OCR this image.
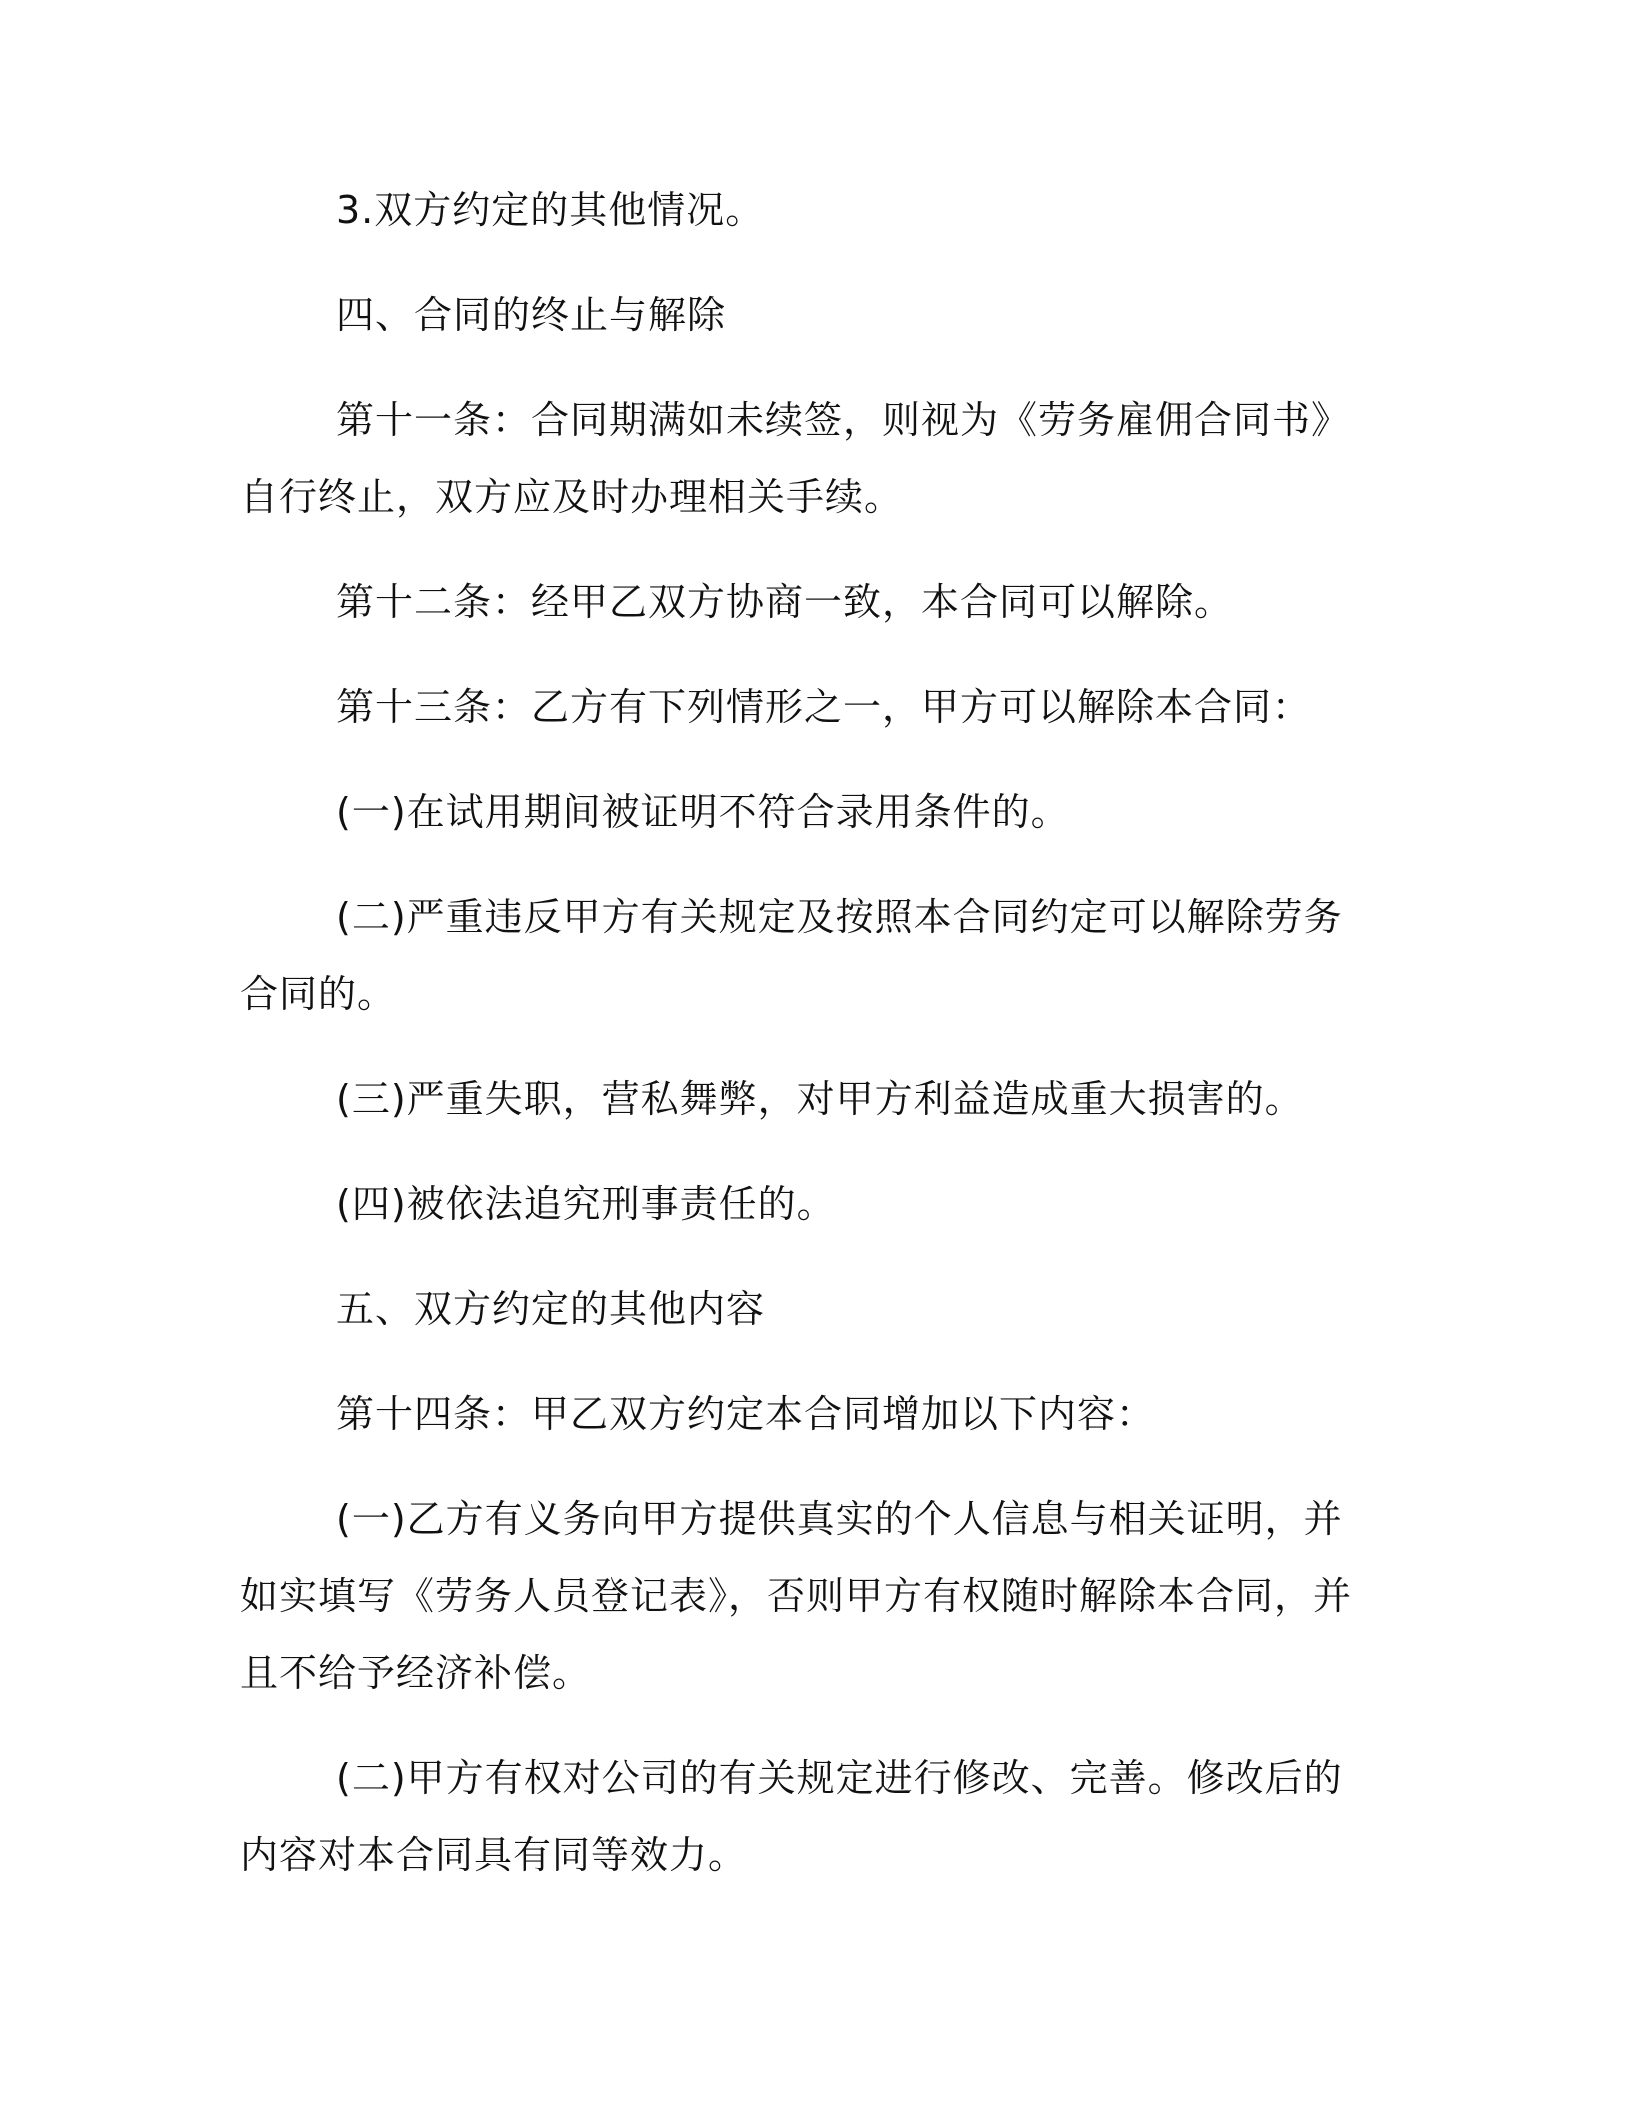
3.双方约定的其他情况。

四、合同的终止与解除

第十一条：合同期满如未续签，则视为《劳务雇佣合同书》自行终止，双方应及时办理相关手续。

第十二条：经甲乙双方协商一致，本合同可以解除。

第十三条：乙方有下列情形之一，甲方可以解除本合同：

(一)在试用期间被证明不符合录用条件的。

(二)严重违反甲方有关规定及按照本合同约定可以解除劳务合同的。

(三)严重失职，营私舞弊，对甲方利益造成重大损害的。

(四)被依法追究刑事责任的。

五、双方约定的其他内容

第十四条：甲乙双方约定本合同增加以下内容：

(一)乙方有义务向甲方提供真实的个人信息与相关证明，并如实填写《劳务人员登记表》，否则甲方有权随时解除本合同，并且不给予经济补偿。

(二)甲方有权对公司的有关规定进行修改、完善。修改后的内容对本合同具有同等效力。
